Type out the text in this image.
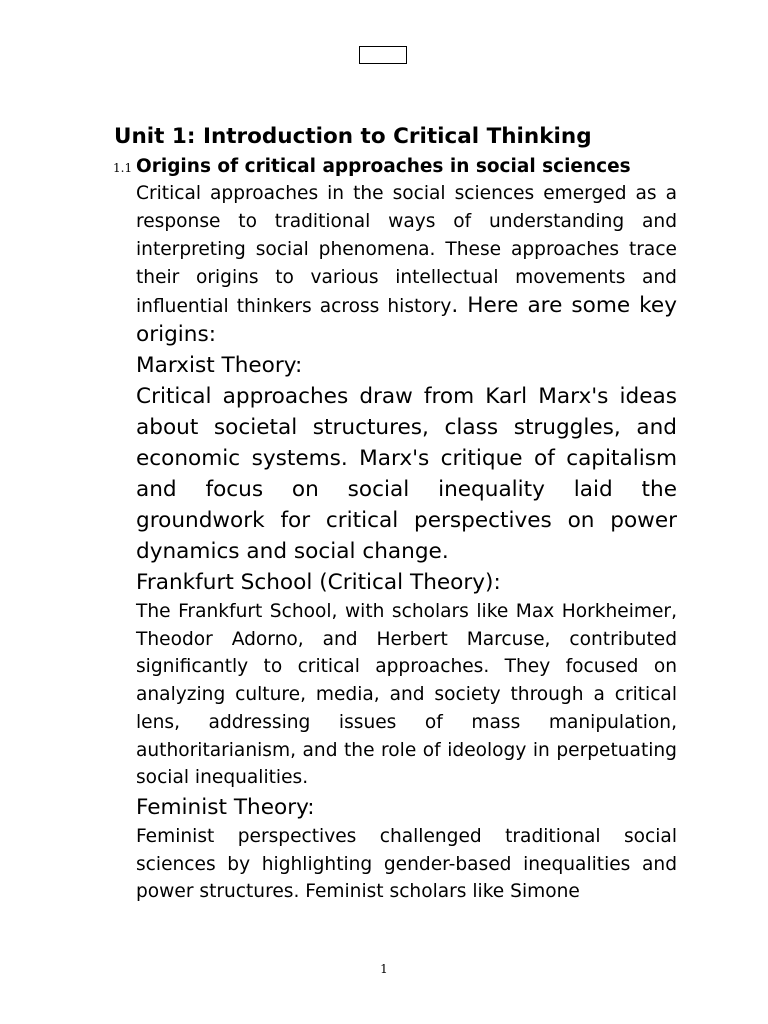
Unit 1: Introduction to Critical Thinking
1.1 Origins of critical approaches in social sciences

Critical approaches in the social sciences emerged as a response to traditional ways of understanding and interpreting social phenomena. These approaches trace their origins to various intellectual movements and influential thinkers across history. Here are some key origins:

Marxist Theory:

Critical approaches draw from Karl Marx's ideas about societal structures, class struggles, and economic systems. Marx's critique of capitalism and focus on social inequality laid the groundwork for critical perspectives on power dynamics and social change.

Frankfurt School (Critical Theory):

The Frankfurt School, with scholars like Max Horkheimer, Theodor Adorno, and Herbert Marcuse, contributed significantly to critical approaches. They focused on analyzing culture, media, and society through a critical lens, addressing issues of mass manipulation, authoritarianism, and the role of ideology in perpetuating social inequalities.

Feminist Theory:

Feminist perspectives challenged traditional social sciences by highlighting gender-based inequalities and power structures. Feminist scholars like Simone

1
